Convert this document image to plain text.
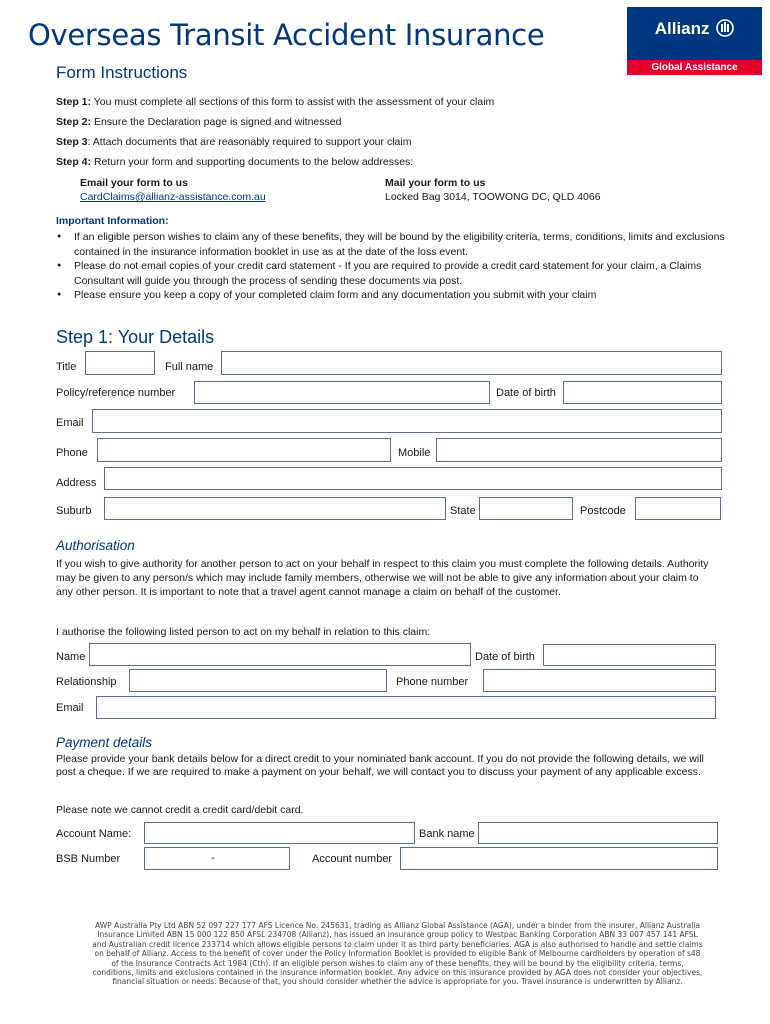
Overseas Transit Accident Insurance	Allianz
Global Assistance
Form Instructions
Step 1: You must complete all sections of this form to assist with the assessment of your claim
Step 2: Ensure the Declaration page is signed and witnessed
Step 3: Attach documents that are reasonably required to support your claim
Step 4: Return your form and supporting documents to the below addresses:
Email your form to us
CardClaims@allianz-assistance.com.au
Mail your form to us
Locked Bag 3014, TOOWONG DC, QLD 4066
Important Information:
● If an eligible person wishes to claim any of these benefits, they will be bound by the eligibility criteria, terms, conditions, limits and exclusions contained in the insurance information booklet in use as at the date of the loss event.
● Please do not email copies of your credit card statement - If you are required to provide a credit card statement for your claim, a Claims Consultant will guide you through the process of sending these documents via post.
● Please ensure you keep a copy of your completed claim form and any documentation you submit with your claim
Step 1: Your Details
Title	Full name
Policy/reference number	Date of birth
Email
Phone	Mobile
Address
Suburb	State	Postcode
Authorisation
If you wish to give authority for another person to act on your behalf in respect to this claim you must complete the following details. Authority may be given to any person/s which may include family members, otherwise we will not be able to give any information about your claim to any other person. It is important to note that a travel agent cannot manage a claim on behalf of the customer.
I authorise the following listed person to act on my behalf in relation to this claim:
Name	Date of birth
Relationship	Phone number
Email
Payment details
Please provide your bank details below for a direct credit to your nominated bank account. If you do not provide the following details, we will post a cheque. If we are required to make a payment on your behalf, we will contact you to discuss your payment of any applicable excess.
Please note we cannot credit a credit card/debit card.
Account Name:	Bank name
BSB Number	-	Account number
AWP Australia Pty Ltd ABN 52 097 227 177 AFS Licence No. 245631, trading as Allianz Global Assistance (AGA), under a binder from the insurer, Allianz Australia Insurance Limited ABN 15 000 122 850 AFSL 234708 (Allianz), has issued an insurance group policy to Westpac Banking Corporation ABN 33 007 457 141 AFSL and Australian credit licence 233714 which allows eligible persons to claim under it as third party beneficiaries. AGA is also authorised to handle and settle claims on behalf of Allianz. Access to the benefit of cover under the Policy Information Booklet is provided to eligible Bank of Melbourne cardholders by operation of s48 of the Insurance Contracts Act 1984 (Cth). If an eligible person wishes to claim any of these benefits, they will be bound by the eligibility criteria, terms, conditions, limits and exclusions contained in the insurance information booklet. Any advice on this insurance provided by AGA does not consider your objectives, financial situation or needs. Because of that, you should consider whether the advice is appropriate for you. Travel insurance is underwritten by Allianz.
